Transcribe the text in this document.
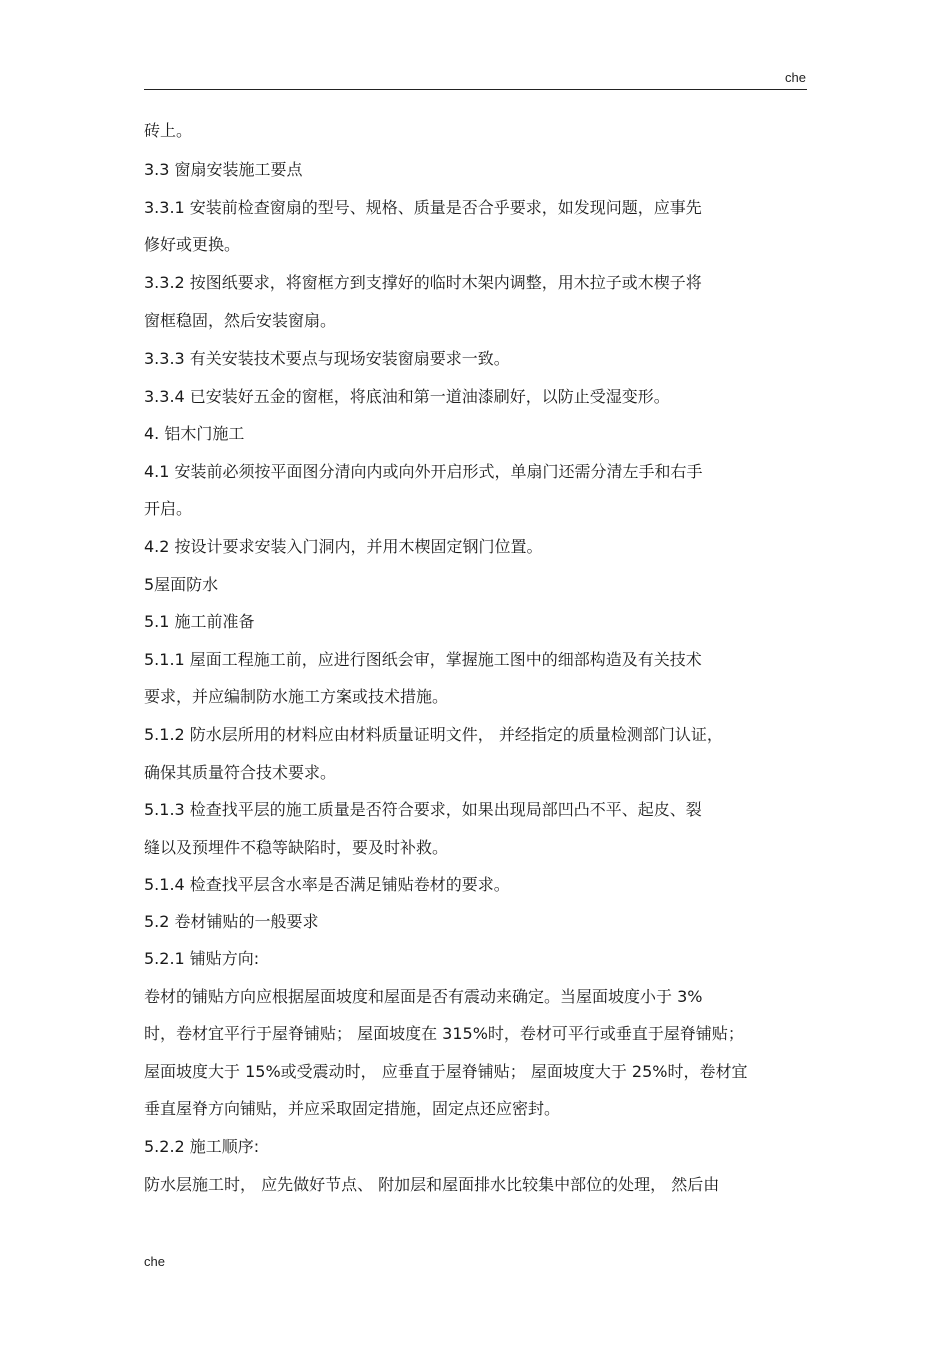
che
砖上。
3.3 窗扇安装施工要点
3.3.1 安装前检查窗扇的型号、规格、质量是否合乎要求，如发现问题，应事先
修好或更换。
3.3.2 按图纸要求，将窗框方到支撑好的临时木架内调整，用木拉子或木楔子将
窗框稳固，然后安装窗扇。
3.3.3 有关安装技术要点与现场安装窗扇要求一致。
3.3.4 已安装好五金的窗框，将底油和第一道油漆刷好，以防止受湿变形。
4. 铝木门施工
4.1 安装前必须按平面图分清向内或向外开启形式，单扇门还需分清左手和右手
开启。
4.2 按设计要求安装入门洞内，并用木楔固定钢门位置。
5屋面防水
5.1 施工前准备
5.1.1 屋面工程施工前，应进行图纸会审，掌握施工图中的细部构造及有关技术
要求，并应编制防水施工方案或技术措施。
5.1.2 防水层所用的材料应由材料质量证明文件， 并经指定的质量检测部门认证，
确保其质量符合技术要求。
5.1.3 检查找平层的施工质量是否符合要求，如果出现局部凹凸不平、起皮、裂
缝以及预埋件不稳等缺陷时，要及时补救。
5.1.4 检查找平层含水率是否满足铺贴卷材的要求。
5.2 卷材铺贴的一般要求
5.2.1 铺贴方向:
卷材的铺贴方向应根据屋面坡度和屋面是否有震动来确定。当屋面坡度小于 3%
时，卷材宜平行于屋脊铺贴； 屋面坡度在 315%时，卷材可平行或垂直于屋脊铺贴；
屋面坡度大于 15%或受震动时， 应垂直于屋脊铺贴； 屋面坡度大于 25%时，卷材宜
垂直屋脊方向铺贴，并应采取固定措施，固定点还应密封。
5.2.2 施工顺序:
防水层施工时， 应先做好节点、 附加层和屋面排水比较集中部位的处理， 然后由
che
